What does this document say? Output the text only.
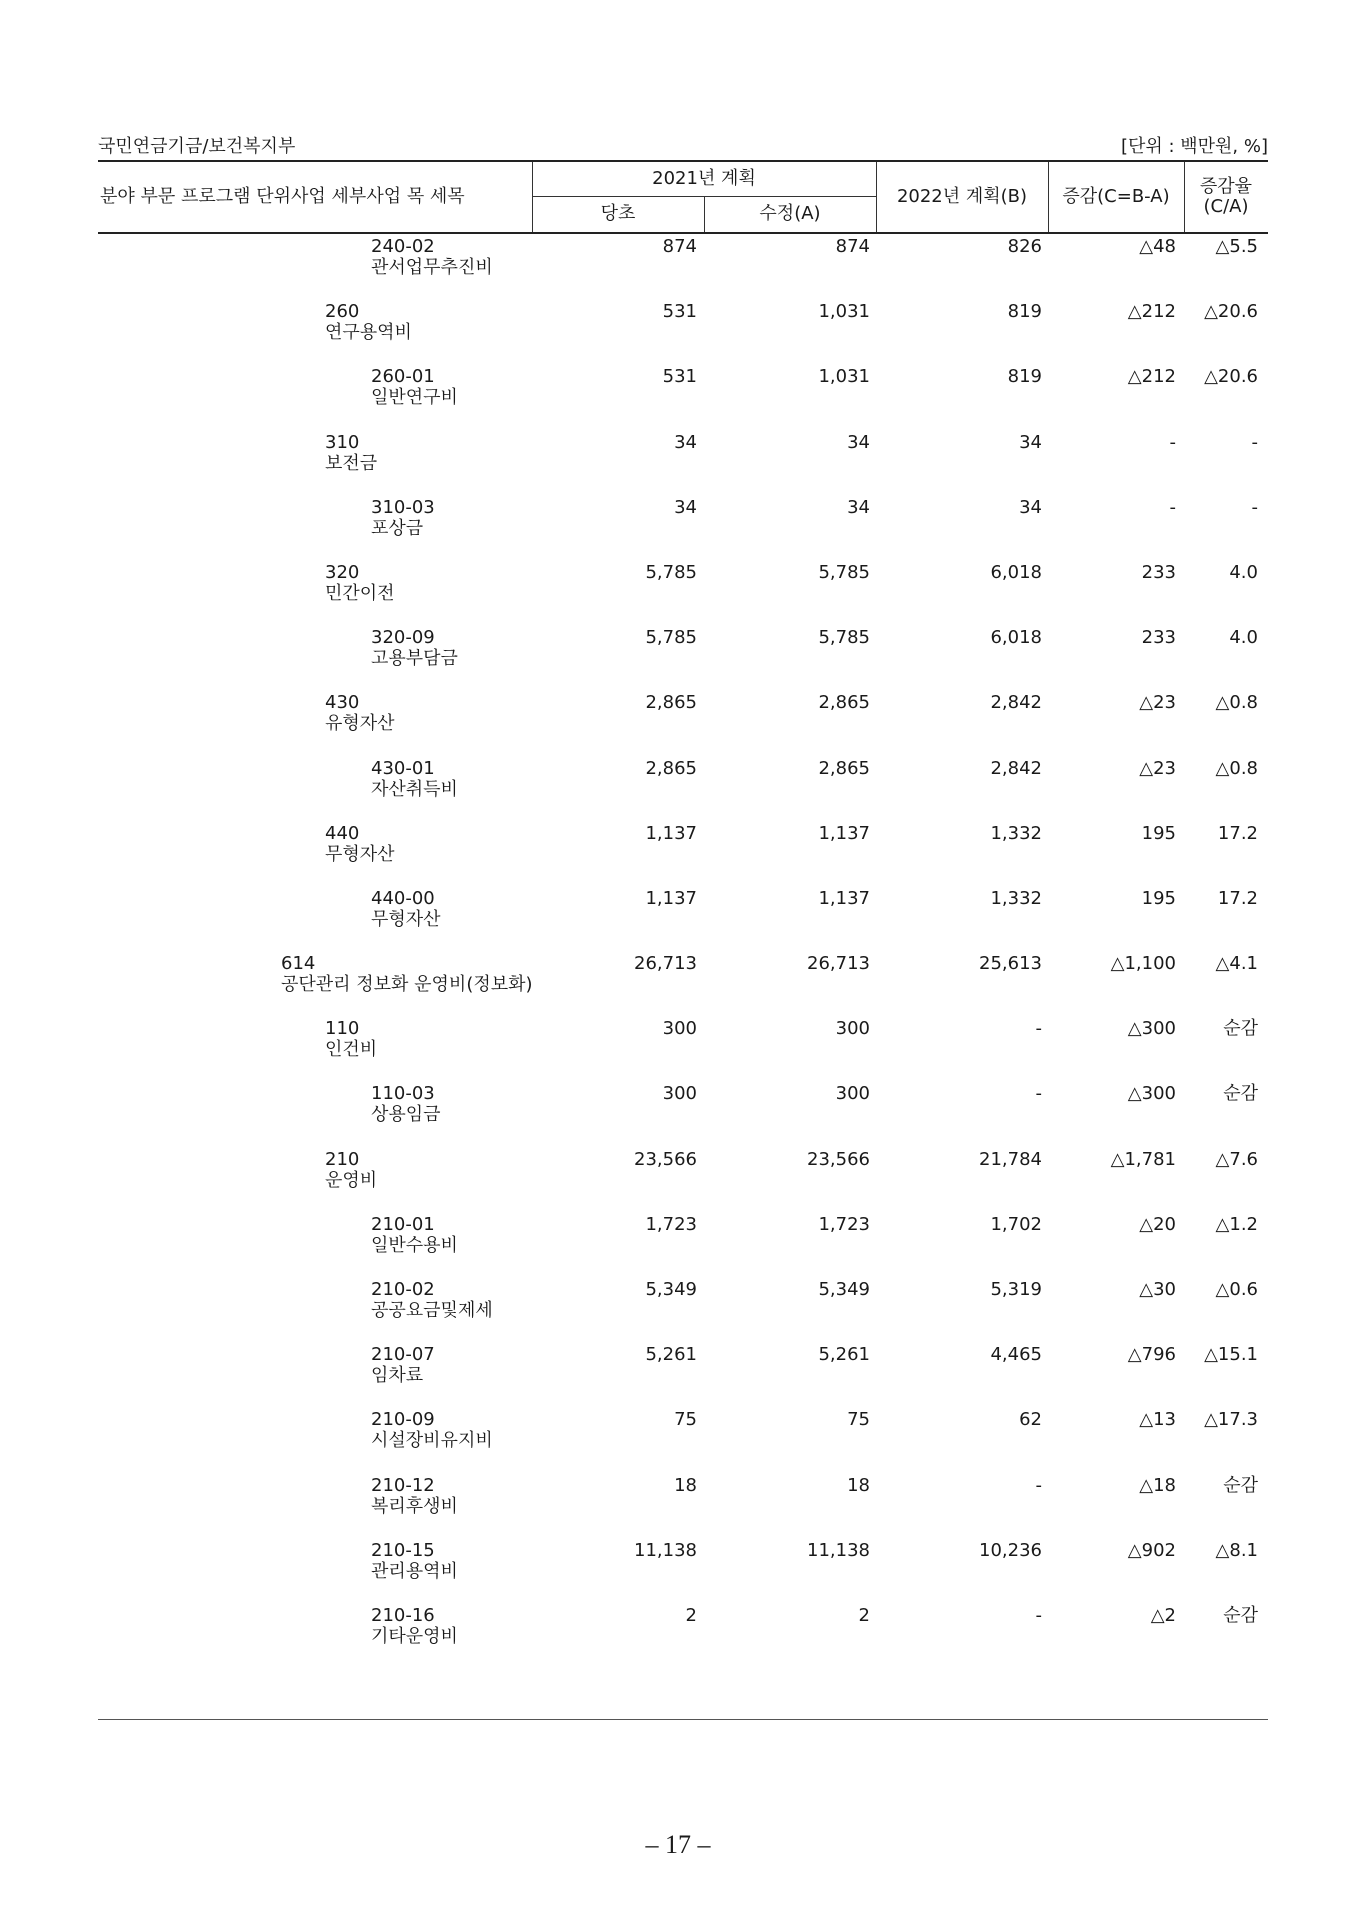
국민연금기금/보건복지부	[단위 : 백만원, %]
분야 부문 프로그램 단위사업 세부사업 목 세목
2021년 계획
당초	수정(A)
2022년 계획(B)	증감(C=B-A)	증감율
(C/A)
240-02
관서업무추진비
874	874	826	△48 △5.5
260
연구용역비
531	1,031	819	△212 △20.6
260-01
일반연구비
531	1,031	819	△212 △20.6
310
보전금
34	34	34	-	-
310-03
포상금
34	34	34	-	-
320
민간이전
5,785	5,785	6,018	233	4.0
320-09
고용부담금
5,785	5,785	6,018	233	4.0
430
유형자산
2,865	2,865	2,842	△23 △0.8
430-01
자산취득비
2,865	2,865	2,842	△23 △0.8
440
무형자산
1,137	1,137	1,332	195 17.2
440-00
무형자산
1,137	1,137	1,332	195 17.2
614
공단관리 정보화 운영비(정보화)
26,713	26,713	25,613	△1,100 △4.1
110
인건비
300	300	-	△300	순감
110-03
상용임금
300	300	-	△300	순감
210
운영비
23,566	23,566	21,784	△1,781 △7.6
210-01
일반수용비
1,723	1,723	1,702	△20 △1.2
210-02
공공요금및제세
5,349	5,349	5,319	△30 △0.6
210-07
임차료
5,261	5,261	4,465	△796 △15.1
210-09
시설장비유지비
75	75	62	△13 △17.3
210-12
복리후생비
18	18	-	△18	순감
210-15
관리용역비
11,138	11,138	10,236	△902 △8.1
210-16
기타운영비
2	2	-	△2	순감
– 17 –
